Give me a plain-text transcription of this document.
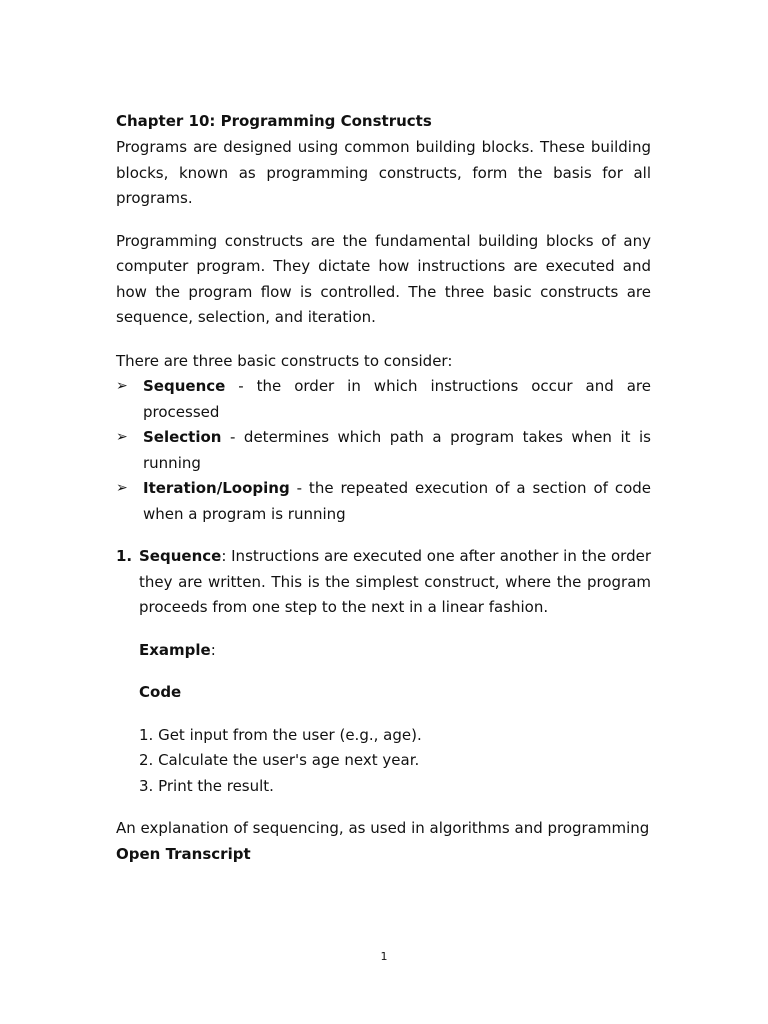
Chapter 10: Programming Constructs

Programs are designed using common building blocks. These building blocks, known as programming constructs, form the basis for all programs.

Programming constructs are the fundamental building blocks of any computer program. They dictate how instructions are executed and how the program flow is controlled. The three basic constructs are sequence, selection, and iteration.

There are three basic constructs to consider:

➢ Sequence - the order in which instructions occur and are processed
➢ Selection - determines which path a program takes when it is running
➢ Iteration/Looping - the repeated execution of a section of code when a program is running
1. Sequence: Instructions are executed one after another in the order they are written. This is the simplest construct, where the program proceeds from one step to the next in a linear fashion.
Example:
Code
1. Get input from the user (e.g., age).
2. Calculate the user's age next year.
3. Print the result.

An explanation of sequencing, as used in algorithms and programming

Open Transcript
1
